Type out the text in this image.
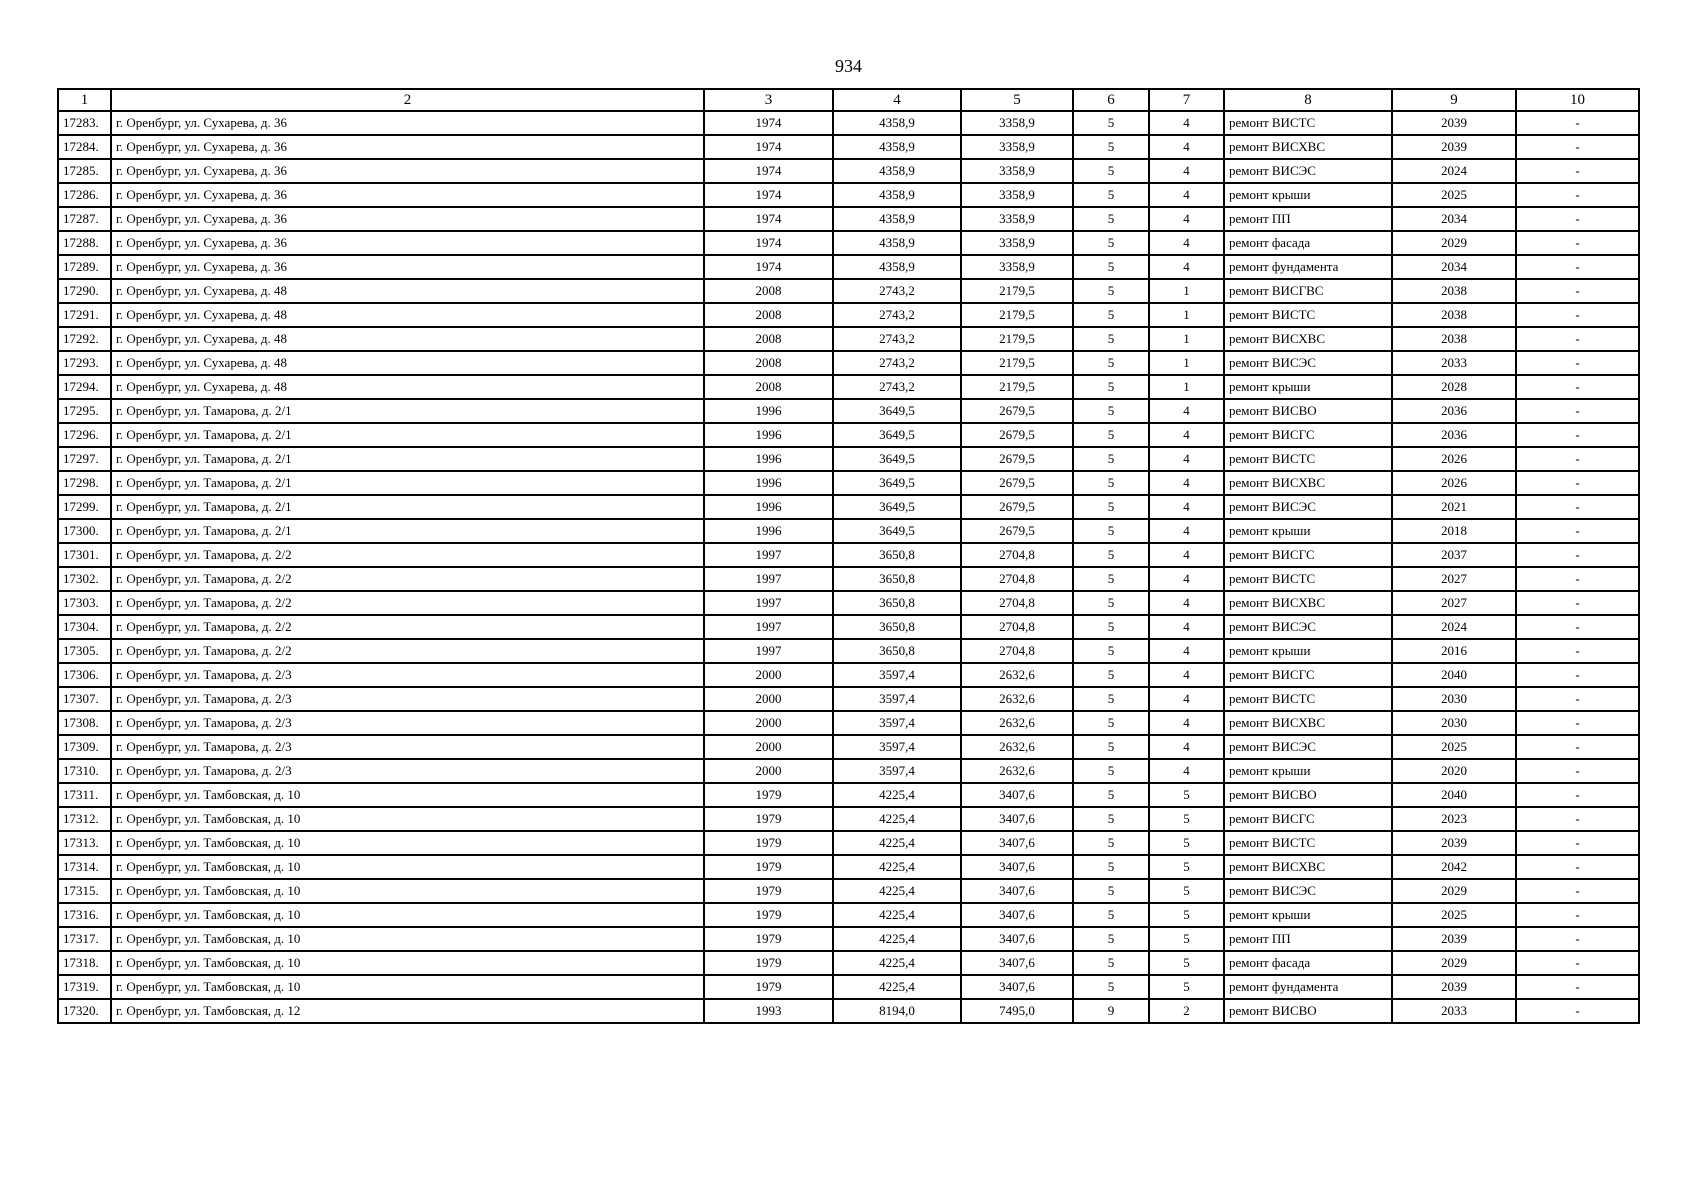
934
1	2	3	4	5	6	7	8	9	10
17283.	г. Оренбург, ул. Сухарева, д. 36	1974	4358,9	3358,9	5	4	ремонт ВИСТС	2039	-
17284.	г. Оренбург, ул. Сухарева, д. 36	1974	4358,9	3358,9	5	4	ремонт ВИСХВС	2039	-
17285.	г. Оренбург, ул. Сухарева, д. 36	1974	4358,9	3358,9	5	4	ремонт ВИСЭС	2024	-
17286.	г. Оренбург, ул. Сухарева, д. 36	1974	4358,9	3358,9	5	4	ремонт крыши	2025	-
17287.	г. Оренбург, ул. Сухарева, д. 36	1974	4358,9	3358,9	5	4	ремонт ПП	2034	-
17288.	г. Оренбург, ул. Сухарева, д. 36	1974	4358,9	3358,9	5	4	ремонт фасада	2029	-
17289.	г. Оренбург, ул. Сухарева, д. 36	1974	4358,9	3358,9	5	4	ремонт фундамента	2034	-
17290.	г. Оренбург, ул. Сухарева, д. 48	2008	2743,2	2179,5	5	1	ремонт ВИСГВС	2038	-
17291.	г. Оренбург, ул. Сухарева, д. 48	2008	2743,2	2179,5	5	1	ремонт ВИСТС	2038	-
17292.	г. Оренбург, ул. Сухарева, д. 48	2008	2743,2	2179,5	5	1	ремонт ВИСХВС	2038	-
17293.	г. Оренбург, ул. Сухарева, д. 48	2008	2743,2	2179,5	5	1	ремонт ВИСЭС	2033	-
17294.	г. Оренбург, ул. Сухарева, д. 48	2008	2743,2	2179,5	5	1	ремонт крыши	2028	-
17295.	г. Оренбург, ул. Тамарова, д. 2/1	1996	3649,5	2679,5	5	4	ремонт ВИСВО	2036	-
17296.	г. Оренбург, ул. Тамарова, д. 2/1	1996	3649,5	2679,5	5	4	ремонт ВИСГС	2036	-
17297.	г. Оренбург, ул. Тамарова, д. 2/1	1996	3649,5	2679,5	5	4	ремонт ВИСТС	2026	-
17298.	г. Оренбург, ул. Тамарова, д. 2/1	1996	3649,5	2679,5	5	4	ремонт ВИСХВС	2026	-
17299.	г. Оренбург, ул. Тамарова, д. 2/1	1996	3649,5	2679,5	5	4	ремонт ВИСЭС	2021	-
17300.	г. Оренбург, ул. Тамарова, д. 2/1	1996	3649,5	2679,5	5	4	ремонт крыши	2018	-
17301.	г. Оренбург, ул. Тамарова, д. 2/2	1997	3650,8	2704,8	5	4	ремонт ВИСГС	2037	-
17302.	г. Оренбург, ул. Тамарова, д. 2/2	1997	3650,8	2704,8	5	4	ремонт ВИСТС	2027	-
17303.	г. Оренбург, ул. Тамарова, д. 2/2	1997	3650,8	2704,8	5	4	ремонт ВИСХВС	2027	-
17304.	г. Оренбург, ул. Тамарова, д. 2/2	1997	3650,8	2704,8	5	4	ремонт ВИСЭС	2024	-
17305.	г. Оренбург, ул. Тамарова, д. 2/2	1997	3650,8	2704,8	5	4	ремонт крыши	2016	-
17306.	г. Оренбург, ул. Тамарова, д. 2/3	2000	3597,4	2632,6	5	4	ремонт ВИСГС	2040	-
17307.	г. Оренбург, ул. Тамарова, д. 2/3	2000	3597,4	2632,6	5	4	ремонт ВИСТС	2030	-
17308.	г. Оренбург, ул. Тамарова, д. 2/3	2000	3597,4	2632,6	5	4	ремонт ВИСХВС	2030	-
17309.	г. Оренбург, ул. Тамарова, д. 2/3	2000	3597,4	2632,6	5	4	ремонт ВИСЭС	2025	-
17310.	г. Оренбург, ул. Тамарова, д. 2/3	2000	3597,4	2632,6	5	4	ремонт крыши	2020	-
17311.	г. Оренбург, ул. Тамбовская, д. 10	1979	4225,4	3407,6	5	5	ремонт ВИСВО	2040	-
17312.	г. Оренбург, ул. Тамбовская, д. 10	1979	4225,4	3407,6	5	5	ремонт ВИСГС	2023	-
17313.	г. Оренбург, ул. Тамбовская, д. 10	1979	4225,4	3407,6	5	5	ремонт ВИСТС	2039	-
17314.	г. Оренбург, ул. Тамбовская, д. 10	1979	4225,4	3407,6	5	5	ремонт ВИСХВС	2042	-
17315.	г. Оренбург, ул. Тамбовская, д. 10	1979	4225,4	3407,6	5	5	ремонт ВИСЭС	2029	-
17316.	г. Оренбург, ул. Тамбовская, д. 10	1979	4225,4	3407,6	5	5	ремонт крыши	2025	-
17317.	г. Оренбург, ул. Тамбовская, д. 10	1979	4225,4	3407,6	5	5	ремонт ПП	2039	-
17318.	г. Оренбург, ул. Тамбовская, д. 10	1979	4225,4	3407,6	5	5	ремонт фасада	2029	-
17319.	г. Оренбург, ул. Тамбовская, д. 10	1979	4225,4	3407,6	5	5	ремонт фундамента	2039	-
17320.	г. Оренбург, ул. Тамбовская, д. 12	1993	8194,0	7495,0	9	2	ремонт ВИСВО	2033	-
